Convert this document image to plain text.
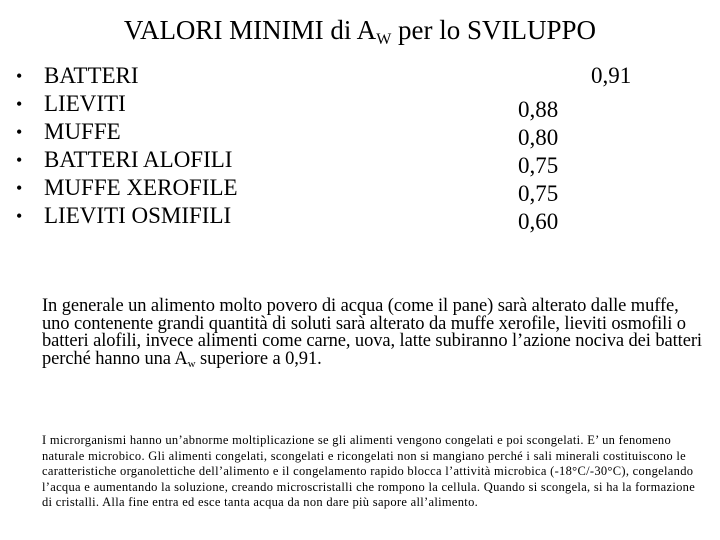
VALORI MINIMI di $A_W$ per lo SVILUPPO
• BATTERI	0,91
• LIEVITI	0,88
• MUFFE	0,80
• BATTERI ALOFILI	0,75
• MUFFE XEROFILE	0,75
• LIEVITI OSMIFILI	0,60
In generale un alimento molto povero di acqua (come il pane) sarà alterato dalle muffe, uno contenente grandi quantità di soluti sarà alterato da muffe xerofile, lieviti osmofili o batteri alofili, invece alimenti come carne, uova, latte subiranno l’azione nociva dei batteri perché hanno una $A_w$ superiore a 0,91.
I microrganismi hanno un’abnorme moltiplicazione se gli alimenti vengono congelati e poi scongelati. E’ un fenomeno naturale microbico. Gli alimenti congelati, scongelati e ricongelati non si mangiano perché i sali minerali costituiscono le caratteristiche organolettiche dell’alimento e il congelamento rapido blocca l’attività microbica (-18°C/-30°C), congelando l’acqua e aumentando la soluzione, creando microscristalli che rompono la cellula. Quando si scongela, si ha la formazione di cristalli. Alla fine entra ed esce tanta acqua da non dare più sapore all’alimento.
